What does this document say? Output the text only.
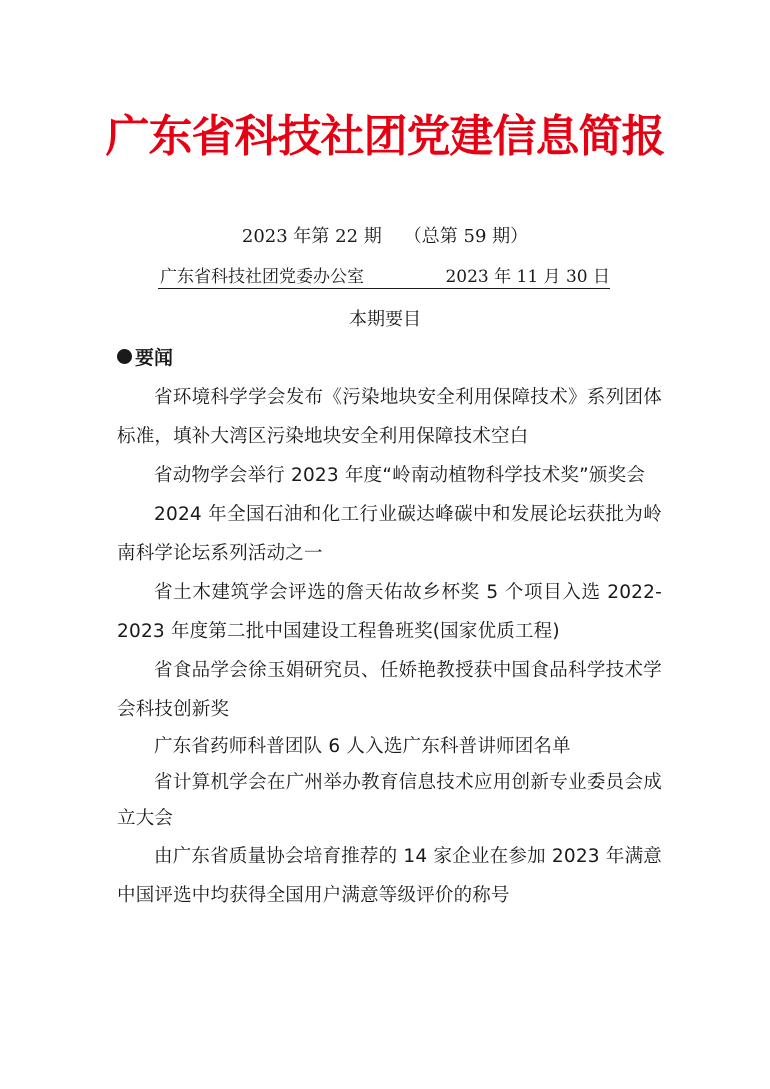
广东省科技社团党建信息简报
2023 年第 22 期 （总第 59 期）
广东省科技社团党委办公室	2023 年 11 月 30 日
本期要目
要闻
省环境科学学会发布《污染地块安全利用保障技术》系列团体标准，填补大湾区污染地块安全利用保障技术空白
省动物学会举行 2023 年度“岭南动植物科学技术奖”颁奖会
2024 年全国石油和化工行业碳达峰碳中和发展论坛获批为岭南科学论坛系列活动之一
省土木建筑学会评选的詹天佑故乡杯奖 5 个项目入选 2022-2023 年度第二批中国建设工程鲁班奖(国家优质工程)
省食品学会徐玉娟研究员、任娇艳教授获中国食品科学技术学会科技创新奖
广东省药师科普团队 6 人入选广东科普讲师团名单
省计算机学会在广州举办教育信息技术应用创新专业委员会成立大会
由广东省质量协会培育推荐的 14 家企业在参加 2023 年满意中国评选中均获得全国用户满意等级评价的称号
